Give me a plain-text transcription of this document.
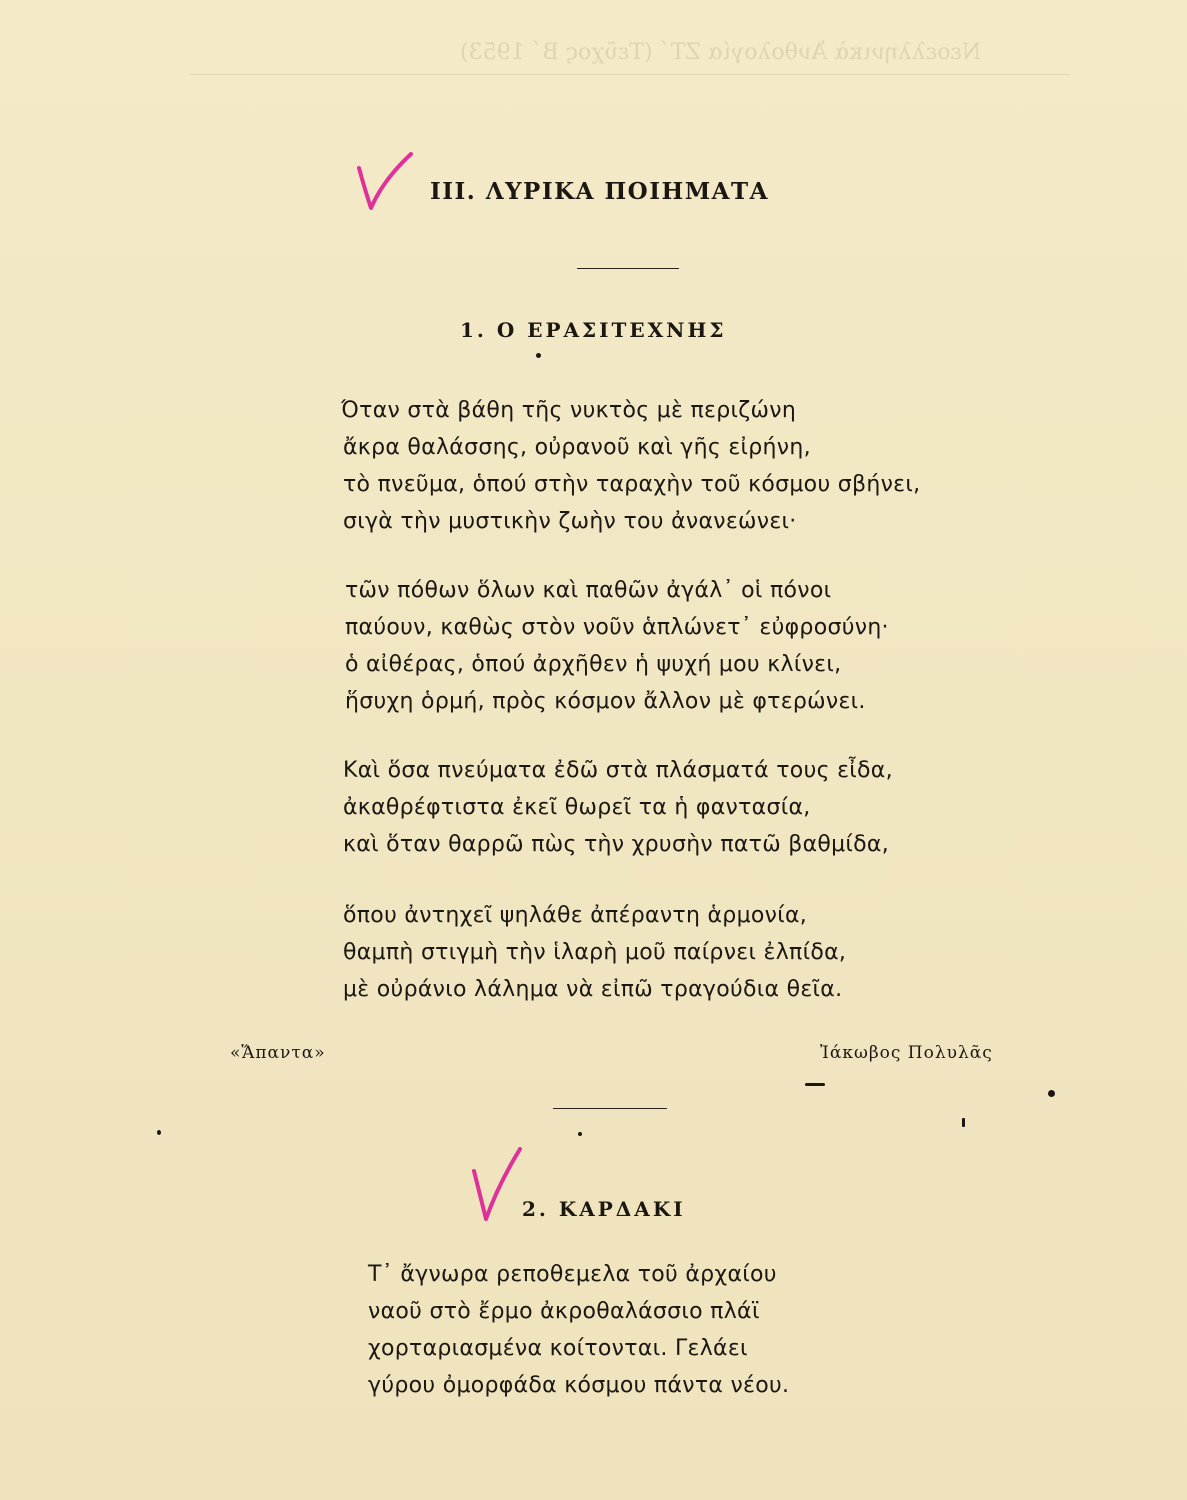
Νεοελληνικὰ Ἀνθολογία ΖΤ΄ (Τεῦχος Β΄ 1953)
ΙΙΙ. ΛΥΡΙΚΑ ΠΟΙΗΜΑΤΑ
1. Ο ΕΡΑΣΙΤΕΧΝΗΣ
Όταν στὰ βάθη τῆς νυκτὸς μὲ περιζώνη
ἄκρα θαλάσσης, οὐρανοῦ καὶ γῆς εἰρήνη,
τὸ πνεῦμα, ὁπού στὴν ταραχὴν τοῦ κόσμου σβήνει,
σιγὰ τὴν μυστικὴν ζωὴν του ἀνανεώνει·
τῶν πόθων ὅλων καὶ παθῶν ἀγάλ᾽ οἱ πόνοι
παύουν, καθὼς στὸν νοῦν ἁπλώνετ᾽ εὐφροσύνη·
ὁ αἰθέρας, ὁπού ἀρχῆθεν ἡ ψυχή μου κλίνει,
ἥσυχη ὁρμή, πρὸς κόσμον ἄλλον μὲ φτερώνει.
Καὶ ὅσα πνεύματα ἐδῶ στὰ πλάσματά τους εἶδα,
ἀκαθρέφτιστα ἐκεῖ θωρεῖ τα ἡ φαντασία,
καὶ ὅταν θαρρῶ πὼς τὴν χρυσὴν πατῶ βαθμίδα,
ὅπου ἀντηχεῖ ψηλάθε ἀπέραντη ἁρμονία,
θαμπὴ στιγμὴ τὴν ἱλαρὴ μοῦ παίρνει ἐλπίδα,
μὲ οὐράνιο λάλημα νὰ εἰπῶ τραγούδια θεῖα.
«Ἅπαντα»	Ἰάκωβος Πολυλᾶς
2. ΚΑΡΔΑΚΙ
Τ᾽ ἄγνωρα ρεποθεμελα τοῦ ἀρχαίου
ναοῦ στὸ ἔρμο ἀκροθαλάσσιο πλάϊ
χορταριασμένα κοίτονται. Γελάει
γύρου ὀμορφάδα κόσμου πάντα νέου.
